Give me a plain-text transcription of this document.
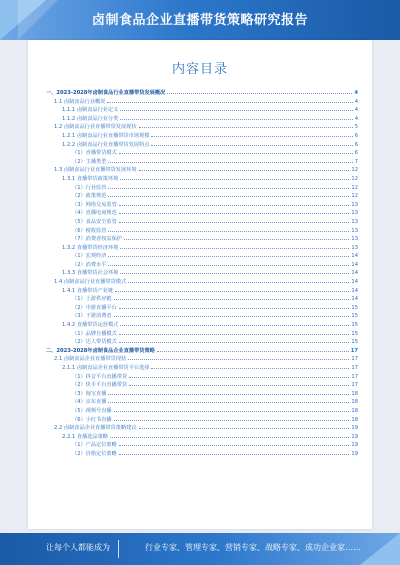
卤制食品企业直播带货策略研究报告
内容目录
一、2023-2028年卤制食品行业直播带货发展概况	4
1.1 卤制食品行业概况	4
1.1.1 卤制食品行业定义	4
1.1.2 卤制食品行业分类	4
1.2 卤制食品行业直播带货发展现状	5
1.2.1 卤制食品行业直播带货市场规模	6
1.2.2 卤制食品行业直播带货发展特点	6
（1）直播带货模式	6
（2）主播类型	7
1.3 卤制食品行业直播带货发展环境	12
1.3.1 直播带货政策环境	12
（1）行业监管	12
（2）政策规范	12
（3）网络交易监管	13
（4）直播电商规范	13
（5）食品安全监管	13
（6）税收监管	13
（7）消费者权益保护	13
1.3.2 直播带货经济环境	13
（1）宏观经济	14
（2）消费水平	14
1.3.3 直播带货社会环境	14
1.4 卤制食品行业直播带货模式	14
1.4.1 直播带货产业链	14
（1）上游供应链	14
（2）中游直播平台	15
（3）下游消费者	15
1.4.2 直播带货运营模式	15
（1）品牌自播模式	15
（2）达人带货模式	15
二、2023-2028年卤制食品企业直播带货策略	17
2.1 卤制食品企业直播带货现状	17
2.1.1 卤制食品企业直播带货平台选择	17
（1）抖音平台直播带货	17
（2）快手平台直播带货	17
（3）淘宝直播	18
（4）京东直播	18
（5）视频号直播	18
（6）小红书直播	18
2.2 卤制食品企业直播带货策略建议	19
2.2.1 直播选品策略	19
（1）产品定位策略	19
（2）价格定位策略	19
让每个人都能成为	行业专家、管理专家、营销专家、战略专家、成功企业家……
